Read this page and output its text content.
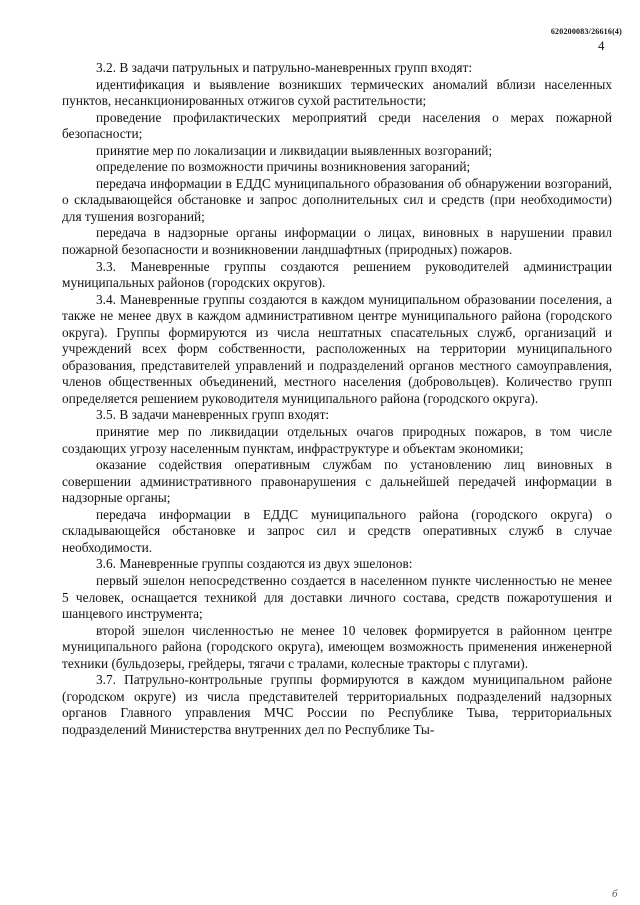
620200083/26616(4)
4

3.2. В задачи патрульных и патрульно-маневренных групп входят:

идентификация и выявление возникших термических аномалий вблизи населенных пунктов, несанкционированных отжигов сухой растительности;

проведение профилактических мероприятий среди населения о мерах пожарной безопасности;

принятие мер по локализации и ликвидации выявленных возгораний;

определение по возможности причины возникновения загораний;

передача информации в ЕДДС муниципального образования об обнаружении возгораний, о складывающейся обстановке и запрос дополнительных сил и средств (при необходимости) для тушения возгораний;

передача в надзорные органы информации о лицах, виновных в нарушении правил пожарной безопасности и возникновении ландшафтных (природных) пожаров.

3.3. Маневренные группы создаются решением руководителей администрации муниципальных районов (городских округов).

3.4. Маневренные группы создаются в каждом муниципальном образовании поселения, а также не менее двух в каждом административном центре муниципального района (городского округа). Группы формируются из числа нештатных спасательных служб, организаций и учреждений всех форм собственности, расположенных на территории муниципального образования, представителей управлений и подразделений органов местного самоуправления, членов общественных объединений, местного населения (добровольцев). Количество групп определяется решением руководителя муниципального района (городского округа).

3.5. В задачи маневренных групп входят:

принятие мер по ликвидации отдельных очагов природных пожаров, в том числе создающих угрозу населенным пунктам, инфраструктуре и объектам экономики;

оказание содействия оперативным службам по установлению лиц виновных в совершении административного правонарушения с дальнейшей передачей информации в надзорные органы;

передача информации в ЕДДС муниципального района (городского округа) о складывающейся обстановке и запрос сил и средств оперативных служб в случае необходимости.

3.6. Маневренные группы создаются из двух эшелонов:

первый эшелон непосредственно создается в населенном пункте численностью не менее 5 человек, оснащается техникой для доставки личного состава, средств пожаротушения и шанцевого инструмента;

второй эшелон численностью не менее 10 человек формируется в районном центре муниципального района (городского округа), имеющем возможность применения инженерной техники (бульдозеры, грейдеры, тягачи с тралами, колесные тракторы с плугами).

3.7. Патрульно-контрольные группы формируются в каждом муниципальном районе (городском округе) из числа представителей территориальных подразделений надзорных органов Главного управления МЧС России по Республике Тыва, территориальных подразделений Министерства внутренних дел по Республике Ты-

б
